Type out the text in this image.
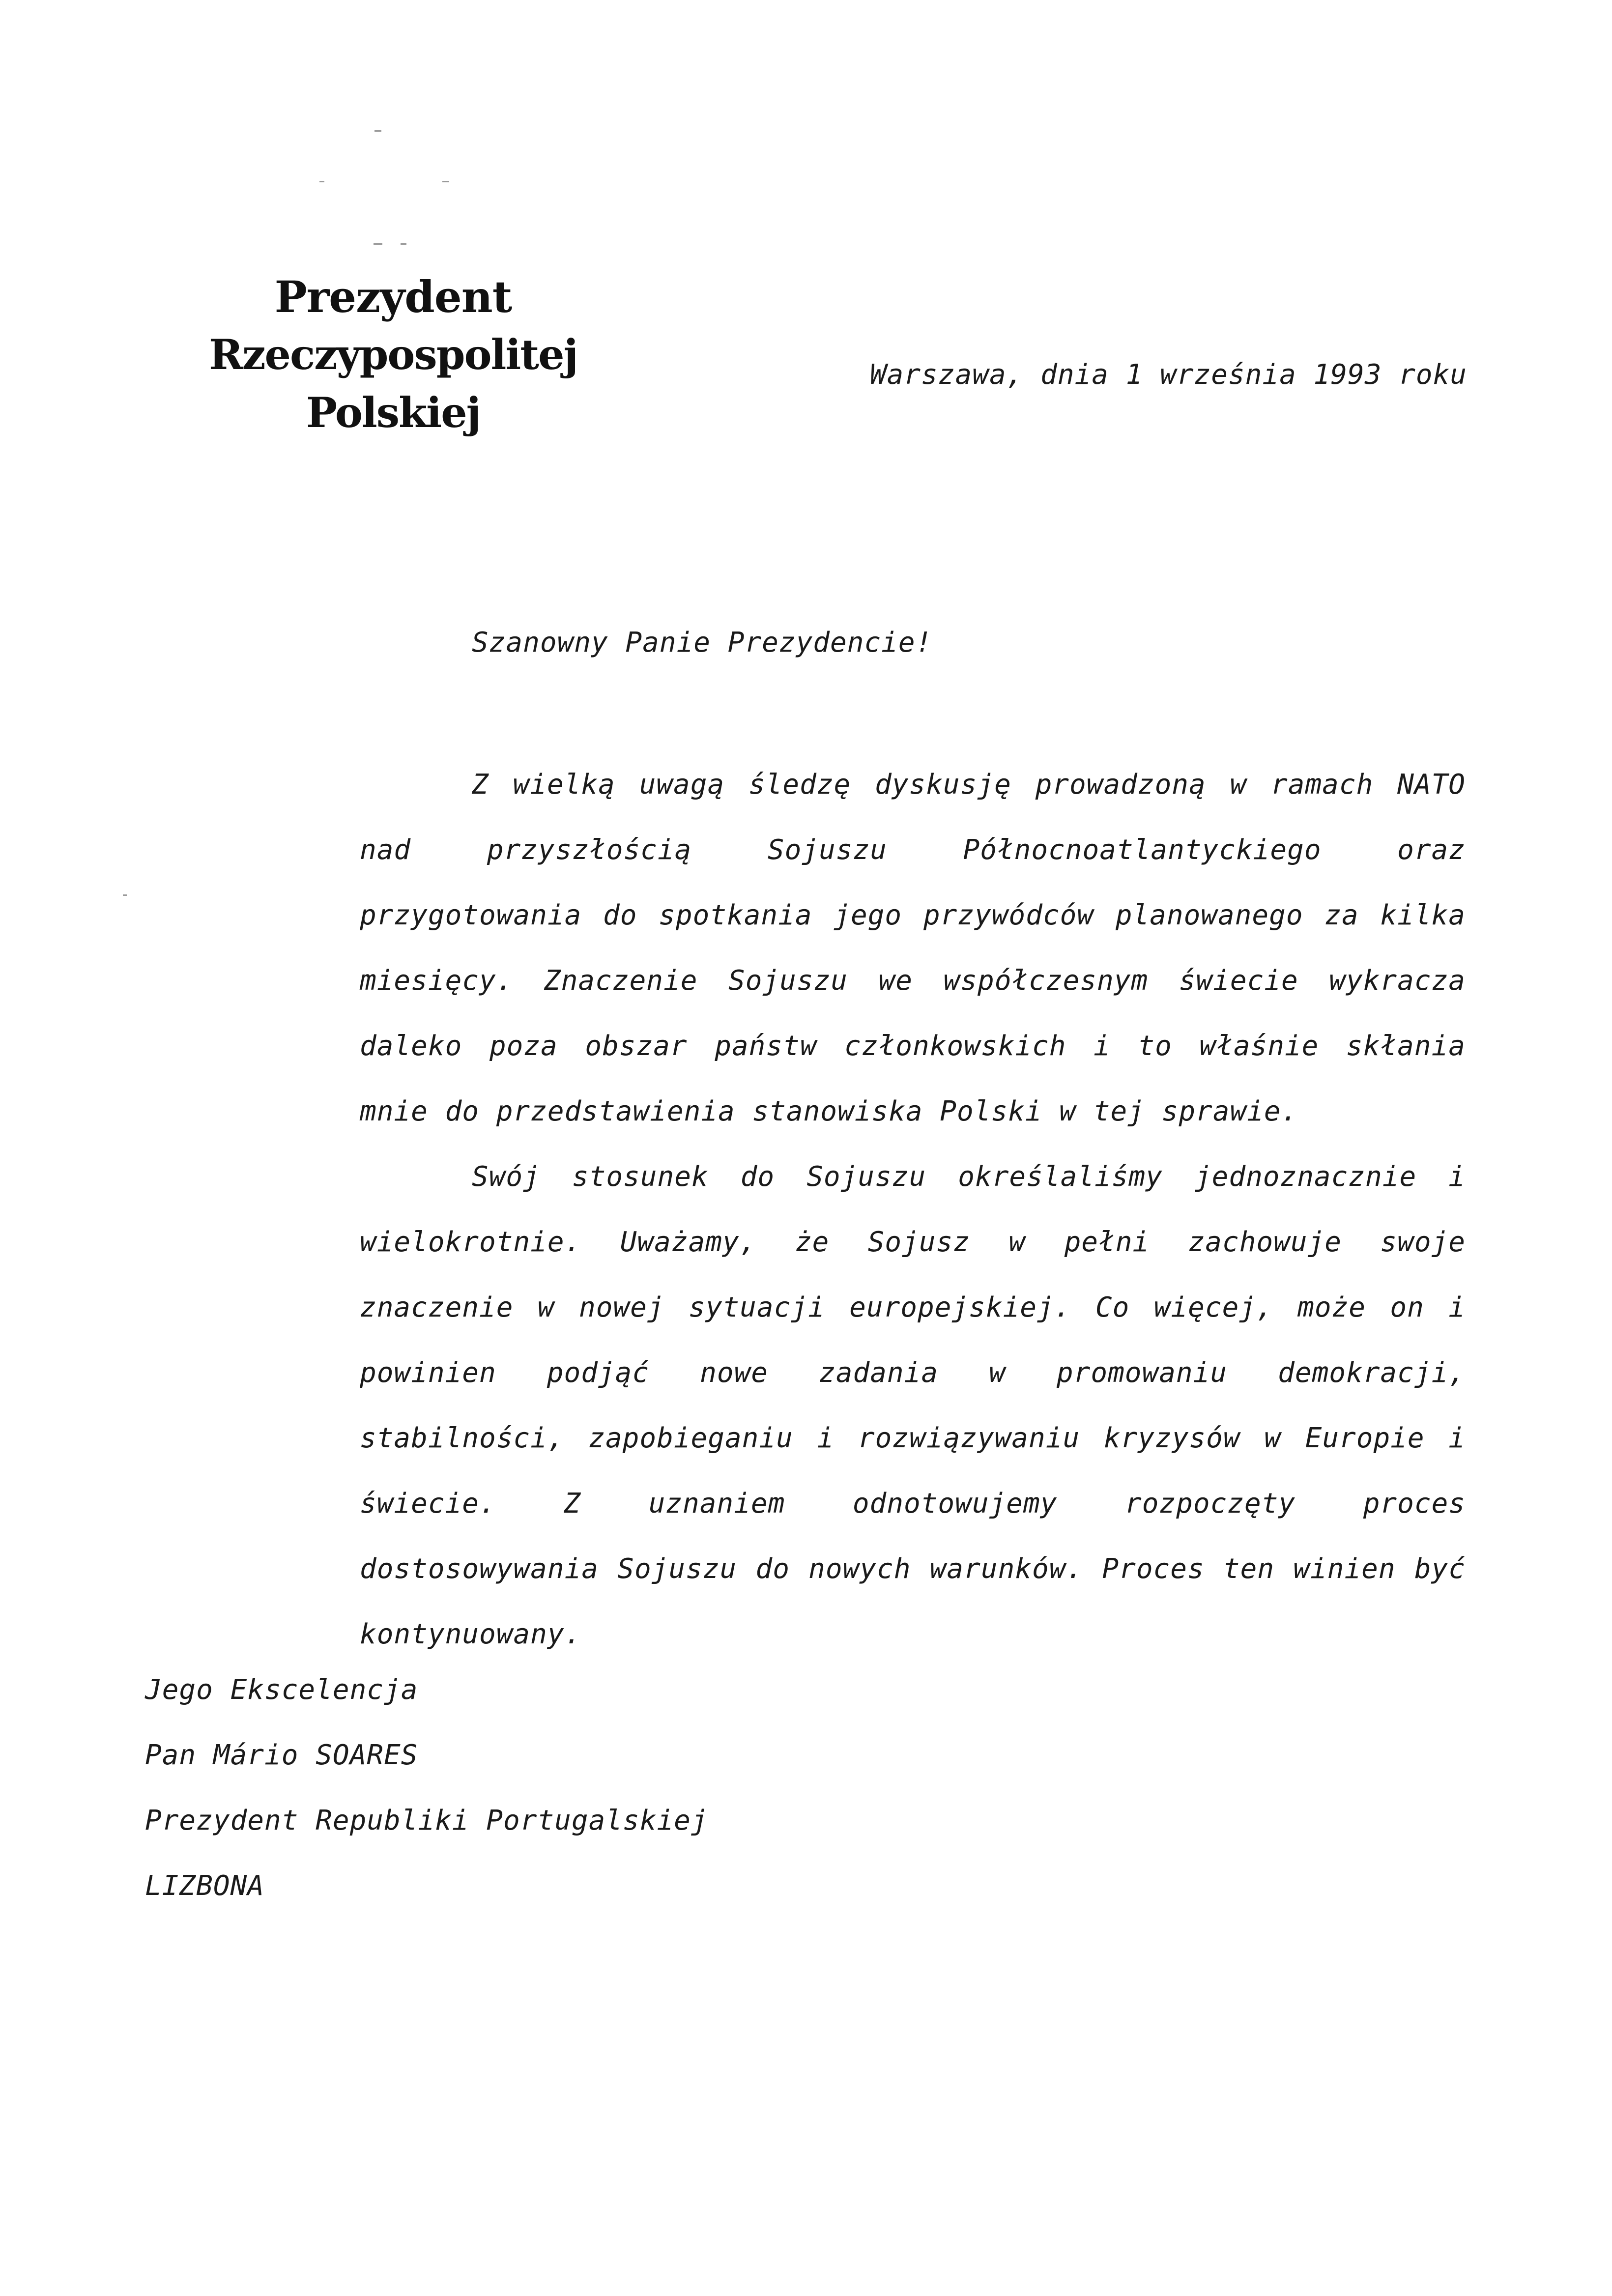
Prezydent
Rzeczypospolitej Polskiej
Warszawa, dnia 1 września 1993 roku
Szanowny Panie Prezydencie!

Z wielką uwagą śledzę dyskusję prowadzoną w ramach NATO nad przyszłością Sojuszu Północnoatlantyckiego oraz przygotowania do spotkania jego przywódców planowanego za kilka miesięcy. Znaczenie Sojuszu we współczesnym świecie wykracza daleko poza obszar państw członkowskich i to właśnie skłania mnie do przedstawienia stanowiska Polski w tej sprawie.

Swój stosunek do Sojuszu określaliśmy jednoznacznie i wielokrotnie. Uważamy, że Sojusz w pełni zachowuje swoje znaczenie w nowej sytuacji europejskiej. Co więcej, może on i powinien podjąć nowe zadania w promowaniu demokracji, stabilności, zapobieganiu i rozwiązywaniu kryzysów w Europie i świecie. Z uznaniem odnotowujemy rozpoczęty proces dostosowywania Sojuszu do nowych warunków. Proces ten winien być kontynuowany.

Jego Ekscelencja
Pan Mário SOARES
Prezydent Republiki Portugalskiej
LIZBONA
